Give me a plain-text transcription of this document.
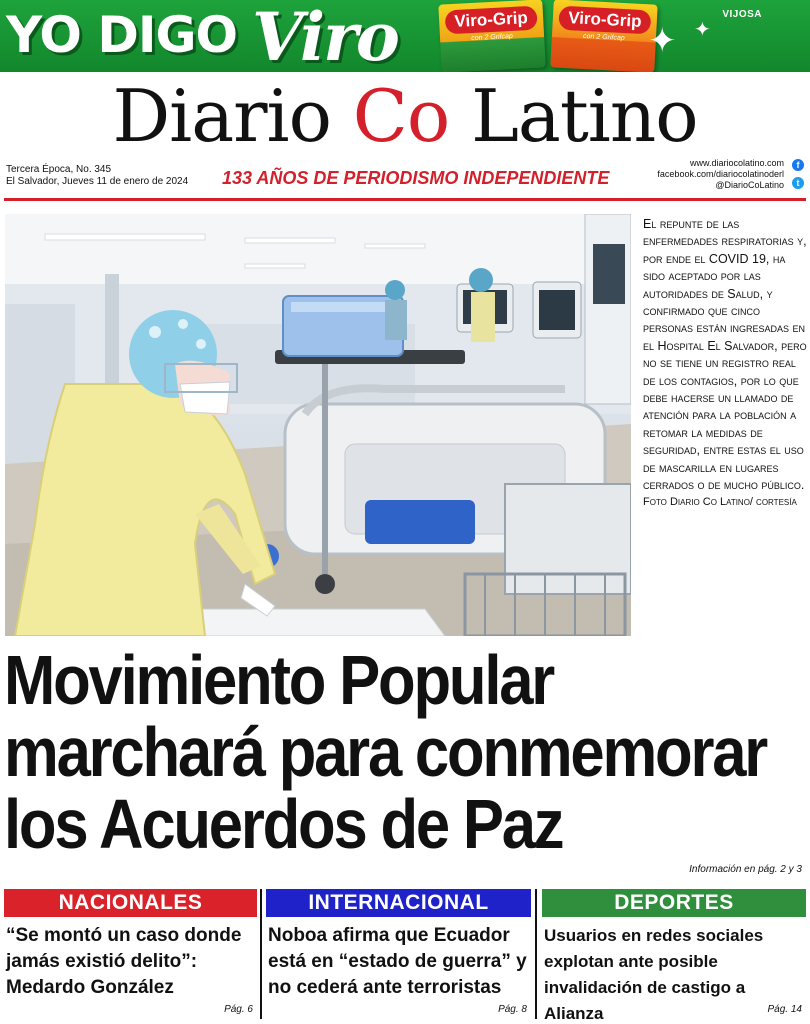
YO DIGO Viro	Viro-Grip
con 2 Grifcap
Viro-Grip
con 2 Grifcap ✦ ✦
VIJOSA
Diario Co Latino
Tercera Época, No. 345
El Salvador, Jueves 11 de enero de 2024 133 AÑOS DE PERIODISMO INDEPENDIENTE
www.diariocolatino.com
facebook.com/diariocolatinoderl
@DiarioCoLatino
f
t
El repunte de las enfermedades respiratorias y, por ende el COVID 19, ha sido aceptado por las autoridades de Salud, y confirmado que cinco personas están ingresadas en el Hospital El Salvador, pero no se tiene un registro real de los contagios, por lo que debe hacerse un llamado de atención para la población a retomar la medidas de seguridad, entre estas el uso de mascarilla en lugares cerrados o de mucho público.
Foto Diario Co Latino/ cortesía
Movimiento Popular
marchará para conmemorar
los Acuerdos de Paz
Información en pág. 2 y 3
NACIONALES
“Se montó un caso donde jamás existió delito”: Medardo González
Pág. 6
INTERNACIONAL
Noboa afirma que Ecuador está en “estado de guerra” y no cederá ante terroristas
Pág. 8
DEPORTES
Usuarios en redes sociales explotan ante posible invalidación de castigo a Alianza	Pág. 14
